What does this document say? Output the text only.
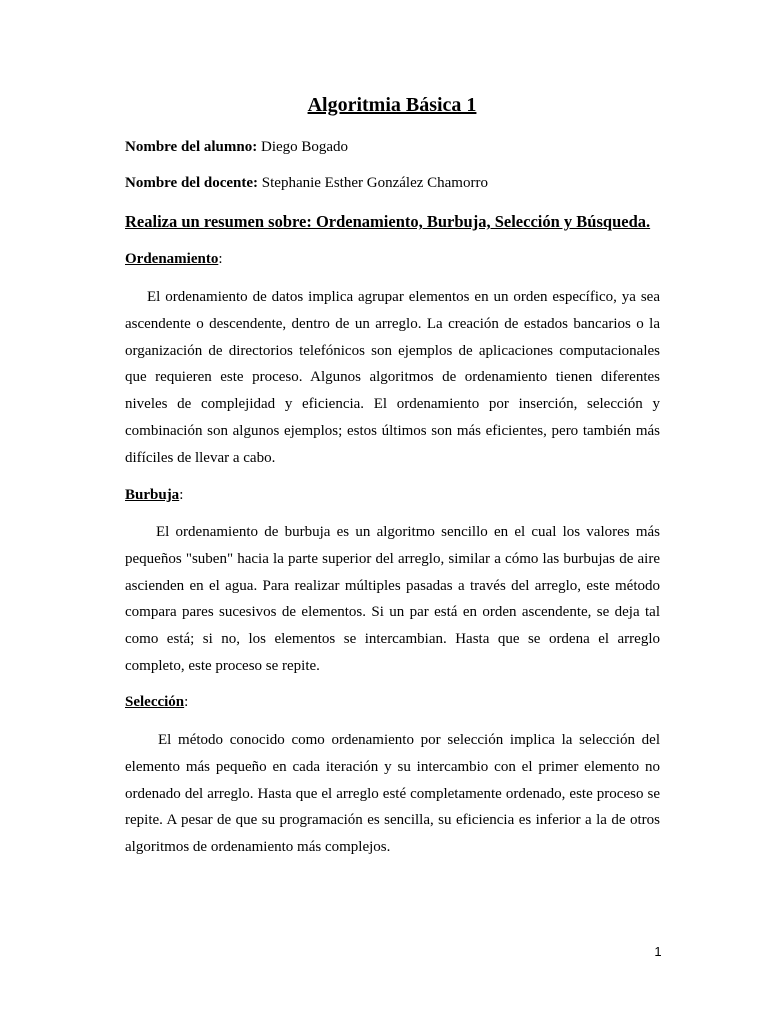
Algoritmia Básica 1

Nombre del alumno: Diego Bogado

Nombre del docente: Stephanie Esther González Chamorro

Realiza un resumen sobre: Ordenamiento, Burbuja, Selección y Búsqueda.

Ordenamiento:

El ordenamiento de datos implica agrupar elementos en un orden específico, ya sea
ascendente o descendente, dentro de un arreglo. La creación de estados bancarios o la
organización de directorios telefónicos son ejemplos de aplicaciones computacionales
que requieren este proceso. Algunos algoritmos de ordenamiento tienen diferentes
niveles de complejidad y eficiencia. El ordenamiento por inserción, selección y
combinación son algunos ejemplos; estos últimos son más eficientes, pero también más
difíciles de llevar a cabo.

Burbuja:

El ordenamiento de burbuja es un algoritmo sencillo en el cual los valores más
pequeños "suben" hacia la parte superior del arreglo, similar a cómo las burbujas de aire
ascienden en el agua. Para realizar múltiples pasadas a través del arreglo, este método
compara pares sucesivos de elementos. Si un par está en orden ascendente, se deja tal
como está; si no, los elementos se intercambian. Hasta que se ordena el arreglo
completo, este proceso se repite.

Selección:

El método conocido como ordenamiento por selección implica la selección del
elemento más pequeño en cada iteración y su intercambio con el primer elemento no
ordenado del arreglo. Hasta que el arreglo esté completamente ordenado, este proceso se
repite. A pesar de que su programación es sencilla, su eficiencia es inferior a la de otros
algoritmos de ordenamiento más complejos.

1
